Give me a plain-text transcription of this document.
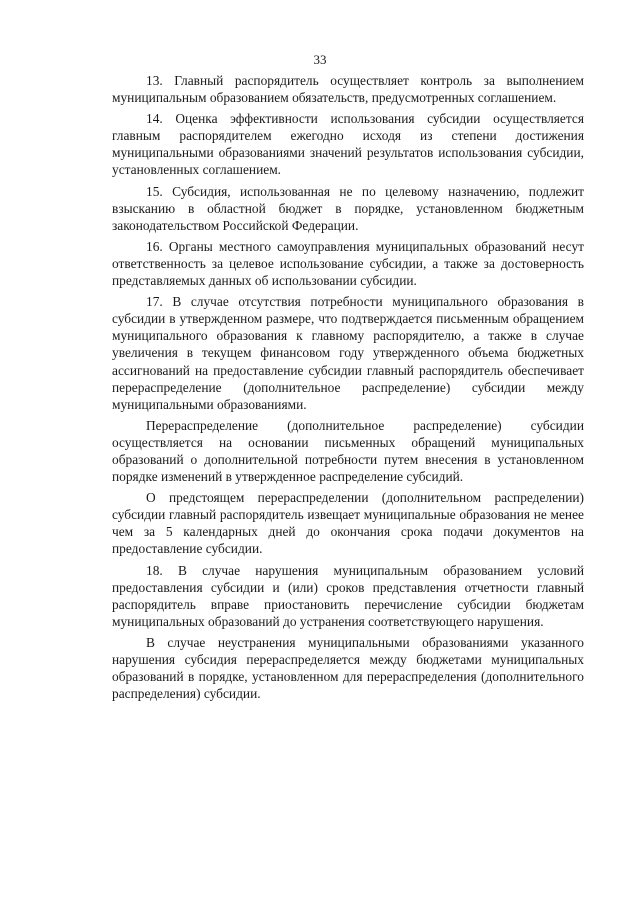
33

13. Главный распорядитель осуществляет контроль за выполнением муниципальным образованием обязательств, предусмотренных соглашением.

14. Оценка эффективности использования субсидии осуществляется главным распорядителем ежегодно исходя из степени достижения муниципальными образованиями значений результатов использования субсидии, установленных соглашением.

15. Субсидия, использованная не по целевому назначению, подлежит взысканию в областной бюджет в порядке, установленном бюджетным законодательством Российской Федерации.

16. Органы местного самоуправления муниципальных образований несут ответственность за целевое использование субсидии, а также за достоверность представляемых данных об использовании субсидии.

17. В случае отсутствия потребности муниципального образования в субсидии в утвержденном размере, что подтверждается письменным обращением муниципального образования к главному распорядителю, а также в случае увеличения в текущем финансовом году утвержденного объема бюджетных ассигнований на предоставление субсидии главный распорядитель обеспечивает перераспределение (дополнительное распределение) субсидии между муниципальными образованиями.

Перераспределение (дополнительное распределение) субсидии осуществляется на основании письменных обращений муниципальных образований о дополнительной потребности путем внесения в установленном порядке изменений в утвержденное распределение субсидий.

О предстоящем перераспределении (дополнительном распределении) субсидии главный распорядитель извещает муниципальные образования не менее чем за 5 календарных дней до окончания срока подачи документов на предоставление субсидии.

18. В случае нарушения муниципальным образованием условий предоставления субсидии и (или) сроков представления отчетности главный распорядитель вправе приостановить перечисление субсидии бюджетам муниципальных образований до устранения соответствующего нарушения.

В случае неустранения муниципальными образованиями указанного нарушения субсидия перераспределяется между бюджетами муниципальных образований в порядке, установленном для перераспределения (дополнительного распределения) субсидии.
